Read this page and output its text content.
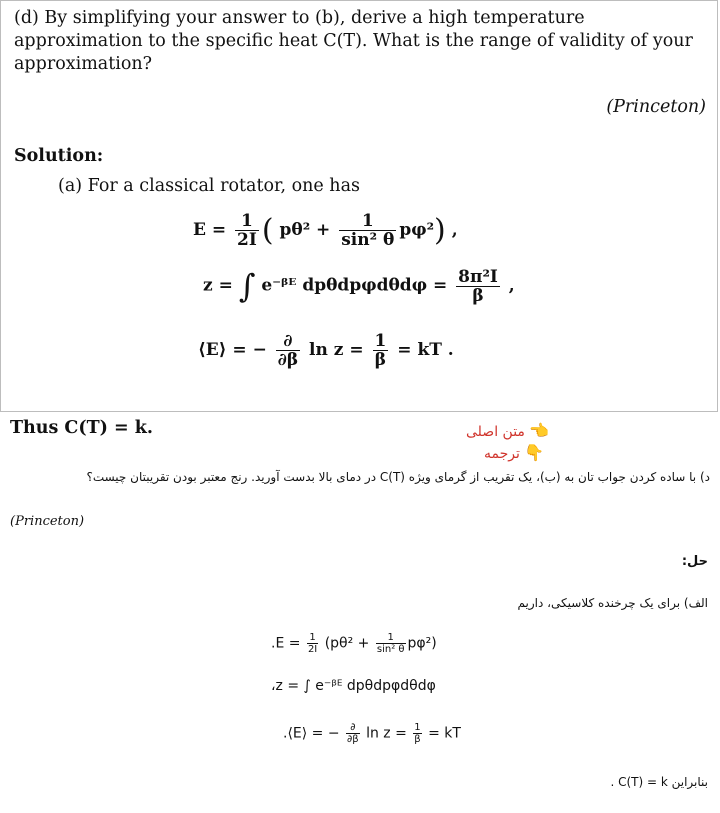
(d) By simplifying your answer to (b), derive a high temperature approximation to the specific heat C(T). What is the range of validity of your approximation?
(Princeton)
Solution:
(a) For a classical rotator, one has
$E = \frac{1}{2I}$ ( $p\theta^2 + \frac{1}{\text{sin² θ}} p\varphi^2$) ,
z = ∫ e⁻ᵝᴱ $dp\theta dp\varphi d\theta d\varphi = \frac{\text{8π²I}}{\beta}$ ,
⟨E⟩ = − $\frac{\partial}{\partial\beta}$ $\ln z = \frac{1}{\beta}$ = kT .
Thus C(T) = k.	👈 متن اصلی
👇 ترجمه
د) با ساده کردن جواب تان به (ب)، یک تقریب از گرمای ویژه C(T) در دمای بالا بدست آورید. رنج معتبر بودن تقریبتان چیست؟
(Princeton)
حل:
الف) برای یک چرخنده کلاسیکی، داریم
$.E = \frac{1}{2I} (p\theta^2 + \frac{1}{\text{sin² θ}} p\varphi^2)$
،z = ∫ e⁻ᵝᴱ dpθdpφdθdφ
.⟨E⟩ = − $\frac{\partial}{\partial\beta}$ $\ln z = \frac{1}{\beta}$ = kT
بنابراین C(T) = k .
